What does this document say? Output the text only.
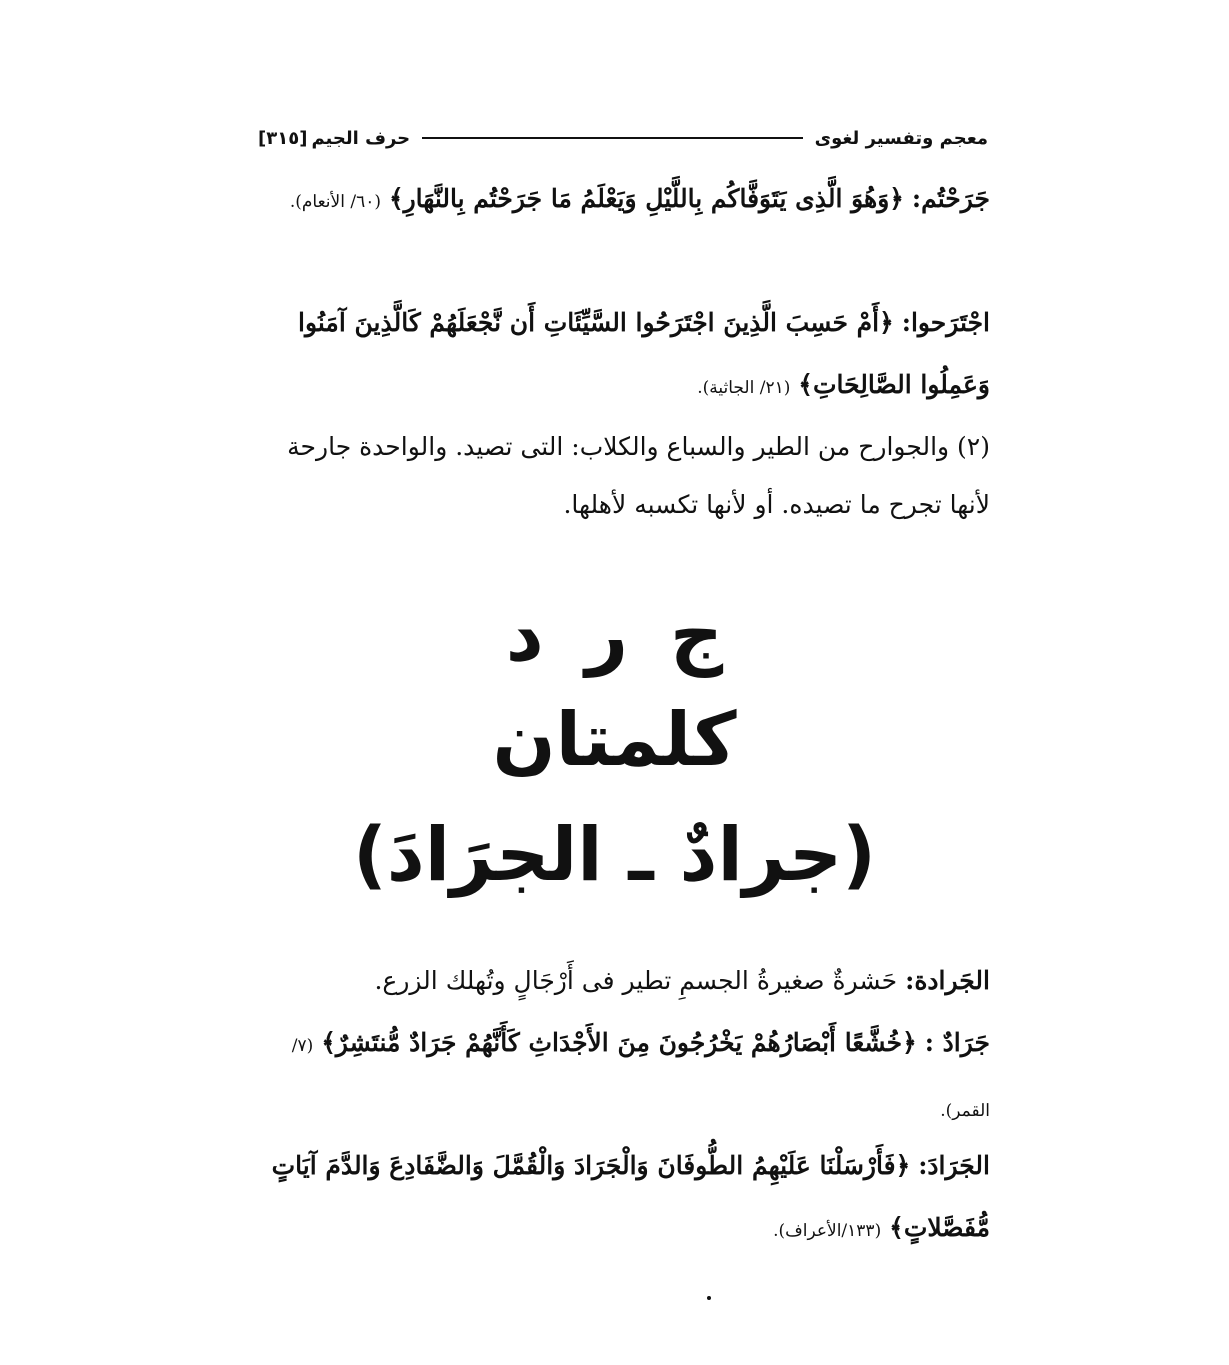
معجم وتفسير لغوى
حرف الجيم
[٣١٥]
جَرَحْتُم: ﴿وَهُوَ الَّذِى يَتَوَفَّاكُم بِاللَّيْلِ وَيَعْلَمُ مَا جَرَحْتُم بِالنَّهَارِ﴾ (٦٠/ الأنعام).
اجْتَرَحوا: ﴿أَمْ حَسِبَ الَّذِينَ اجْتَرَحُوا السَّيِّئَاتِ أَن نَّجْعَلَهُمْ كَالَّذِينَ آمَنُوا وَعَمِلُوا الصَّالِحَاتِ﴾ (٢١/ الجاثية).
(٢) والجوارح من الطير والسباع والكلاب: التى تصيد. والواحدة جارحة لأنها تجرح ما تصيده. أو لأنها تكسبه لأهلها.
ج ر د
كلمتان
(جرادٌ ـ الجرَادَ)
الجَرادة: حَشرةٌ صغيرةُ الجسمِ تطير فى أَرْجَالٍ وتُهلك الزرع.
جَرَادٌ : ﴿خُشَّعًا أَبْصَارُهُمْ يَخْرُجُونَ مِنَ الأَجْدَاثِ كَأَنَّهُمْ جَرَادٌ مُّنتَشِرٌ﴾ (٧/ القمر).
الجَرَادَ: ﴿فَأَرْسَلْنَا عَلَيْهِمُ الطُّوفَانَ وَالْجَرَادَ وَالْقُمَّلَ وَالضَّفَادِعَ وَالدَّمَ آيَاتٍ مُّفَصَّلاتٍ﴾ (١٣٣/الأعراف).
